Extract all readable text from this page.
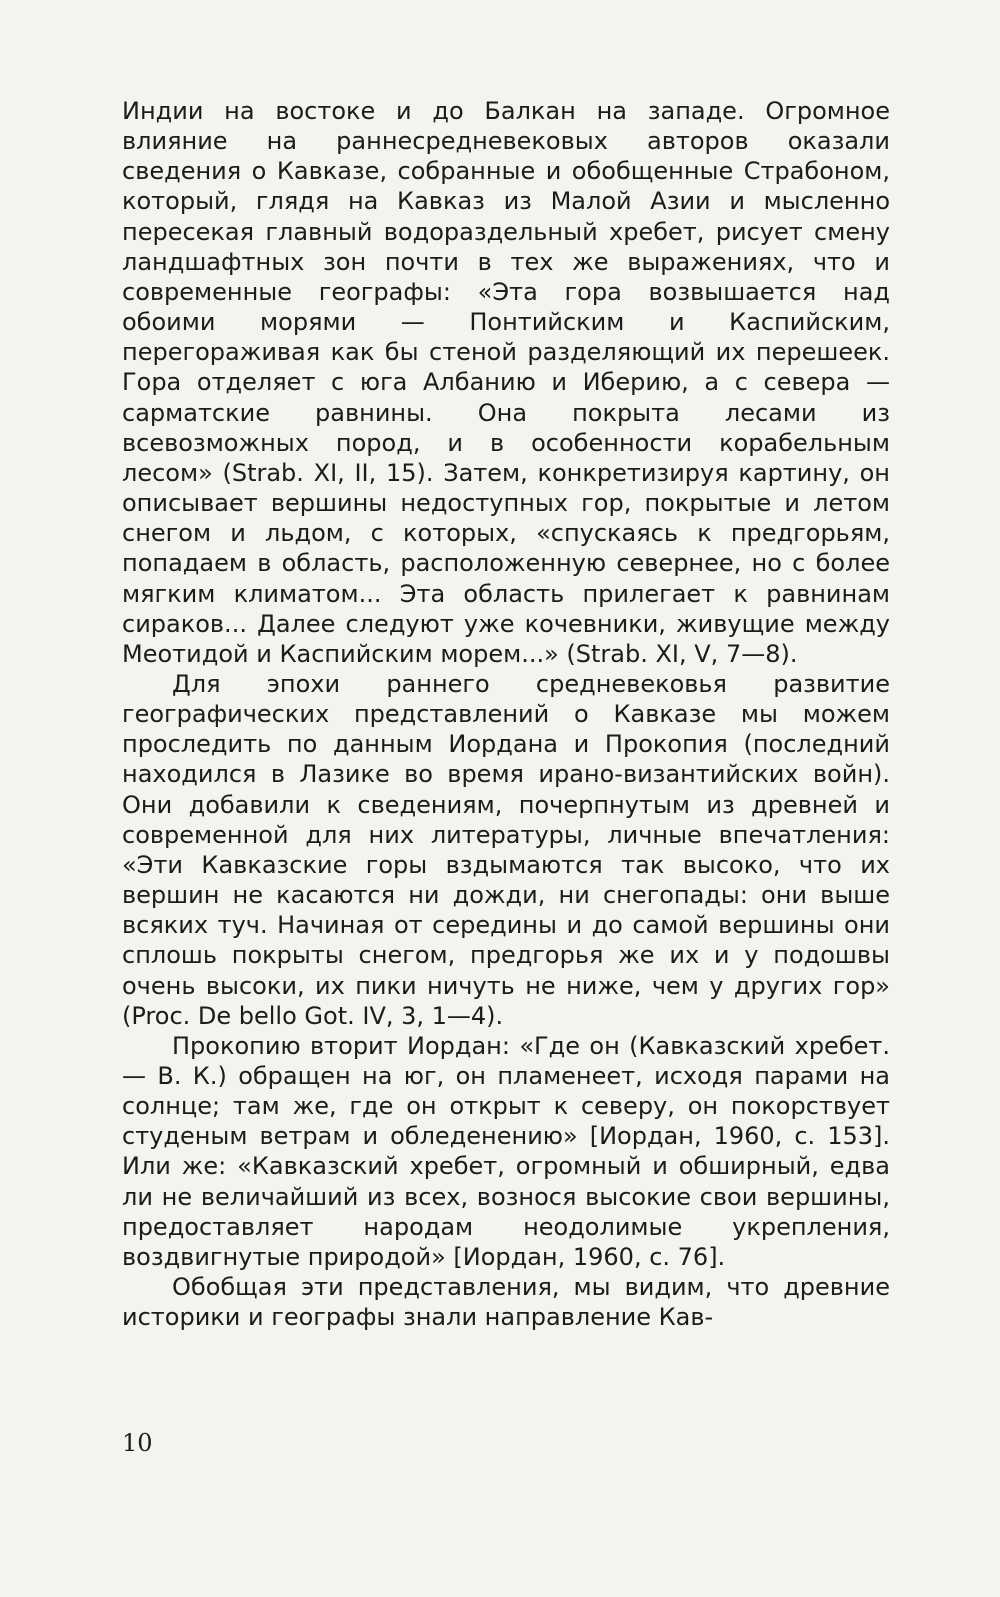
Индии на востоке и до Балкан на западе. Огромное влияние на раннесредневековых авторов оказали сведения о Кавказе, собранные и обобщенные Страбоном, который, глядя на Кавказ из Малой Азии и мысленно пересекая главный водораздельный хребет, рисует смену ландшафтных зон почти в тех же выражениях, что и современные географы: «Эта гора возвышается над обоими морями — Понтийским и Каспийским, перегораживая как бы стеной разделяющий их перешеек. Гора отделяет с юга Албанию и Иберию, а с севера — сарматские равнины. Она покрыта лесами из всевозможных пород, и в особенности корабельным лесом» (Strab. XI, II, 15). Затем, конкретизируя картину, он описывает вершины недоступных гор, покрытые и летом снегом и льдом, с которых, «спускаясь к предгорьям, попадаем в область, расположенную севернее, но с более мягким климатом... Эта область прилегает к равнинам сираков... Далее следуют уже кочевники, живущие между Меотидой и Каспийским морем...» (Strab. XI, V, 7—8).

Для эпохи раннего средневековья развитие географических представлений о Кавказе мы можем проследить по данным Иордана и Прокопия (последний находился в Лазике во время ирано-византийских войн). Они добавили к сведениям, почерпнутым из древней и современной для них литературы, личные впечатления: «Эти Кавказские горы вздымаются так высоко, что их вершин не касаются ни дожди, ни снегопады: они выше всяких туч. Начиная от середины и до самой вершины они сплошь покрыты снегом, предгорья же их и у подошвы очень высоки, их пики ничуть не ниже, чем у других гор» (Proc. De bello Got. IV, 3, 1—4).

Прокопию вторит Иордан: «Где он (Кавказский хребет.— В. К.) обращен на юг, он пламенеет, исходя парами на солнце; там же, где он открыт к северу, он покорствует студеным ветрам и обледенению» [Иордан, 1960, с. 153]. Или же: «Кавказский хребет, огромный и обширный, едва ли не величайший из всех, вознося высокие свои вершины, предоставляет народам неодолимые укрепления, воздвигнутые природой» [Иордан, 1960, с. 76].

Обобщая эти представления, мы видим, что древние историки и географы знали направление Кав-

10
